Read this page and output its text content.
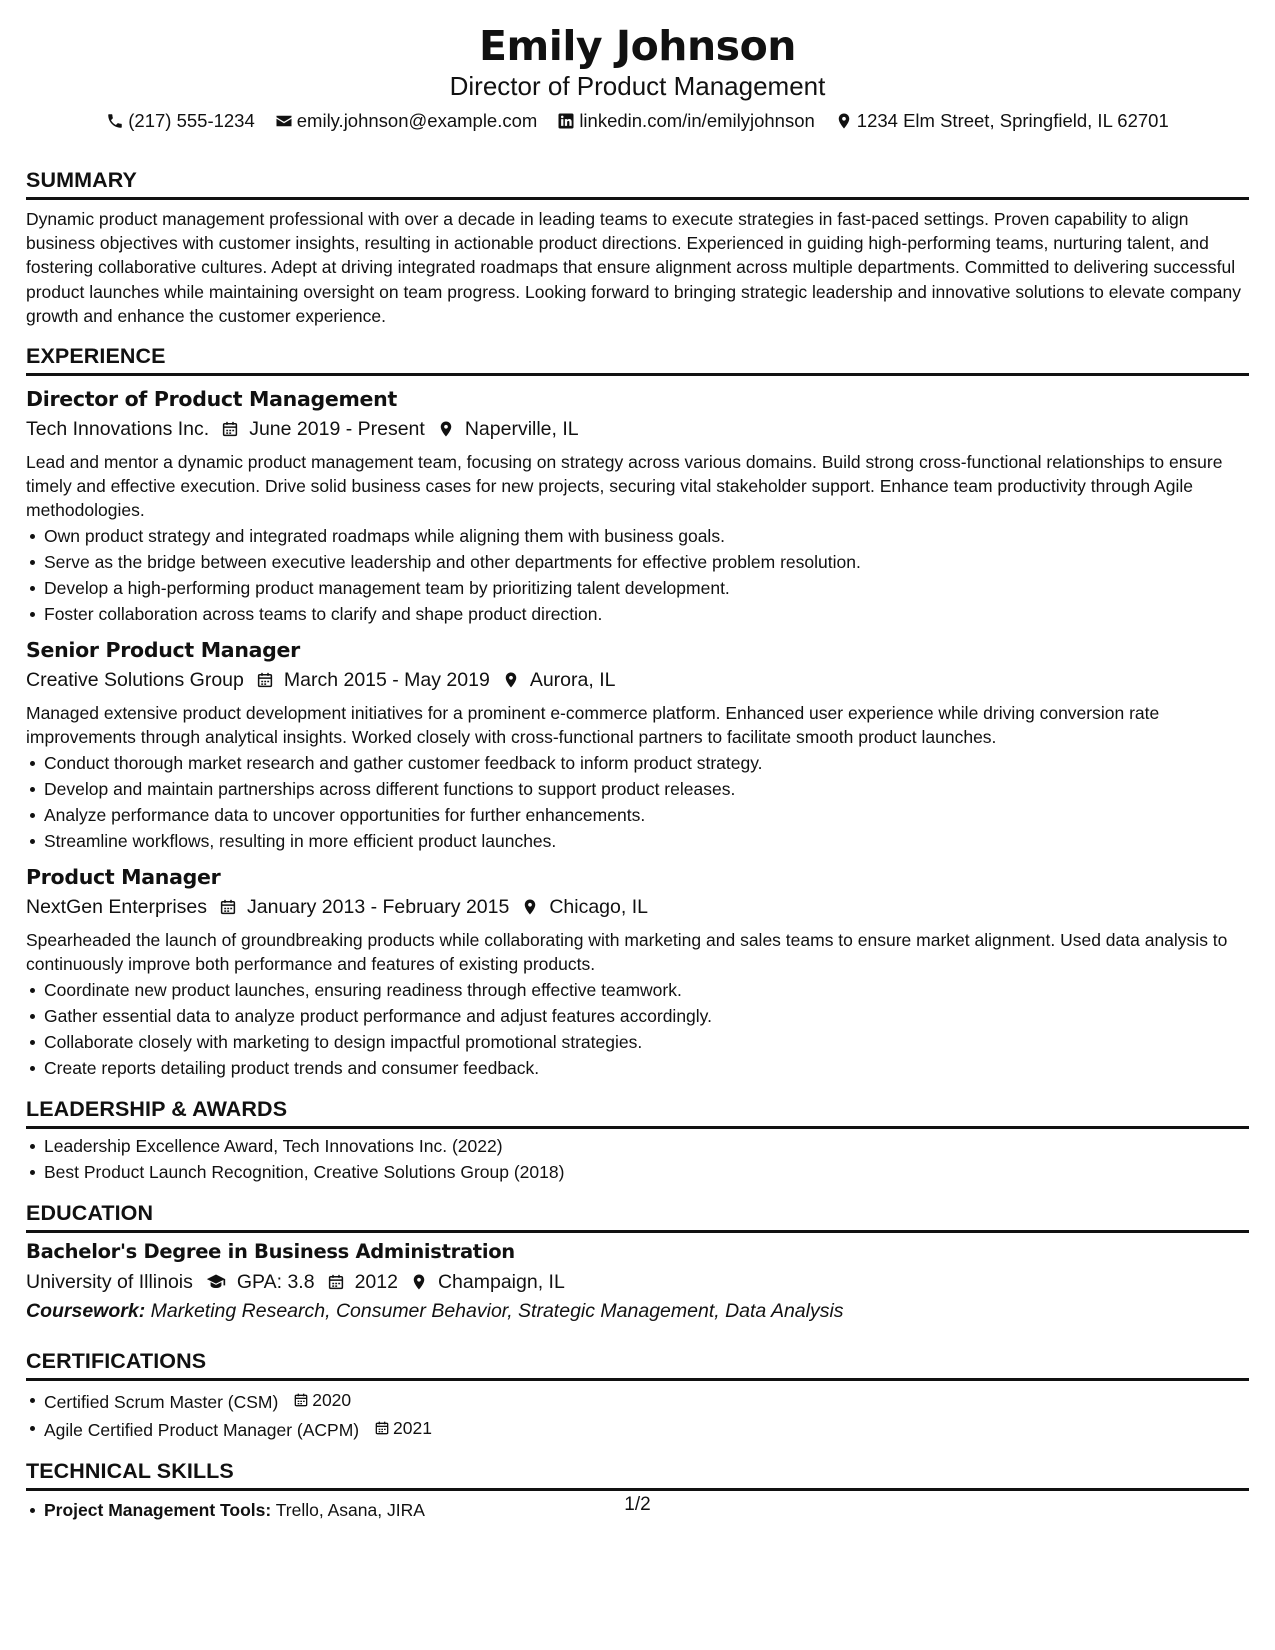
Emily Johnson
Director of Product Management
(217) 555-1234 emily.johnson@example.com linkedin.com/in/emilyjohnson 1234 Elm Street, Springfield, IL 62701
SUMMARY
Dynamic product management professional with over a decade in leading teams to execute strategies in fast-paced settings. Proven capability to align business objectives with customer insights, resulting in actionable product directions. Experienced in guiding high-performing teams, nurturing talent, and fostering collaborative cultures. Adept at driving integrated roadmaps that ensure alignment across multiple departments. Committed to delivering successful product launches while maintaining oversight on team progress. Looking forward to bringing strategic leadership and innovative solutions to elevate company growth and enhance the customer experience.
EXPERIENCE
Director of Product Management
Tech Innovations Inc. June 2019 - Present Naperville, IL
Lead and mentor a dynamic product management team, focusing on strategy across various domains. Build strong cross-functional relationships to ensure timely and effective execution. Drive solid business cases for new projects, securing vital stakeholder support. Enhance team productivity through Agile methodologies.
Own product strategy and integrated roadmaps while aligning them with business goals.
Serve as the bridge between executive leadership and other departments for effective problem resolution.
Develop a high-performing product management team by prioritizing talent development.
Foster collaboration across teams to clarify and shape product direction.
Senior Product Manager
Creative Solutions Group March 2015 - May 2019 Aurora, IL
Managed extensive product development initiatives for a prominent e-commerce platform. Enhanced user experience while driving conversion rate improvements through analytical insights. Worked closely with cross-functional partners to facilitate smooth product launches.
Conduct thorough market research and gather customer feedback to inform product strategy.
Develop and maintain partnerships across different functions to support product releases.
Analyze performance data to uncover opportunities for further enhancements.
Streamline workflows, resulting in more efficient product launches.
Product Manager
NextGen Enterprises January 2013 - February 2015 Chicago, IL
Spearheaded the launch of groundbreaking products while collaborating with marketing and sales teams to ensure market alignment. Used data analysis to continuously improve both performance and features of existing products.
Coordinate new product launches, ensuring readiness through effective teamwork.
Gather essential data to analyze product performance and adjust features accordingly.
Collaborate closely with marketing to design impactful promotional strategies.
Create reports detailing product trends and consumer feedback.
LEADERSHIP & AWARDS
Leadership Excellence Award, Tech Innovations Inc. (2022)
Best Product Launch Recognition, Creative Solutions Group (2018)
EDUCATION
Bachelor's Degree in Business Administration
University of Illinois GPA: 3.8 2012 Champaign, IL
Coursework: Marketing Research, Consumer Behavior, Strategic Management, Data Analysis
CERTIFICATIONS
Certified Scrum Master (CSM) 2020
Agile Certified Product Manager (ACPM) 2021
TECHNICAL SKILLS
Project Management Tools: Trello, Asana, JIRA	1/2
